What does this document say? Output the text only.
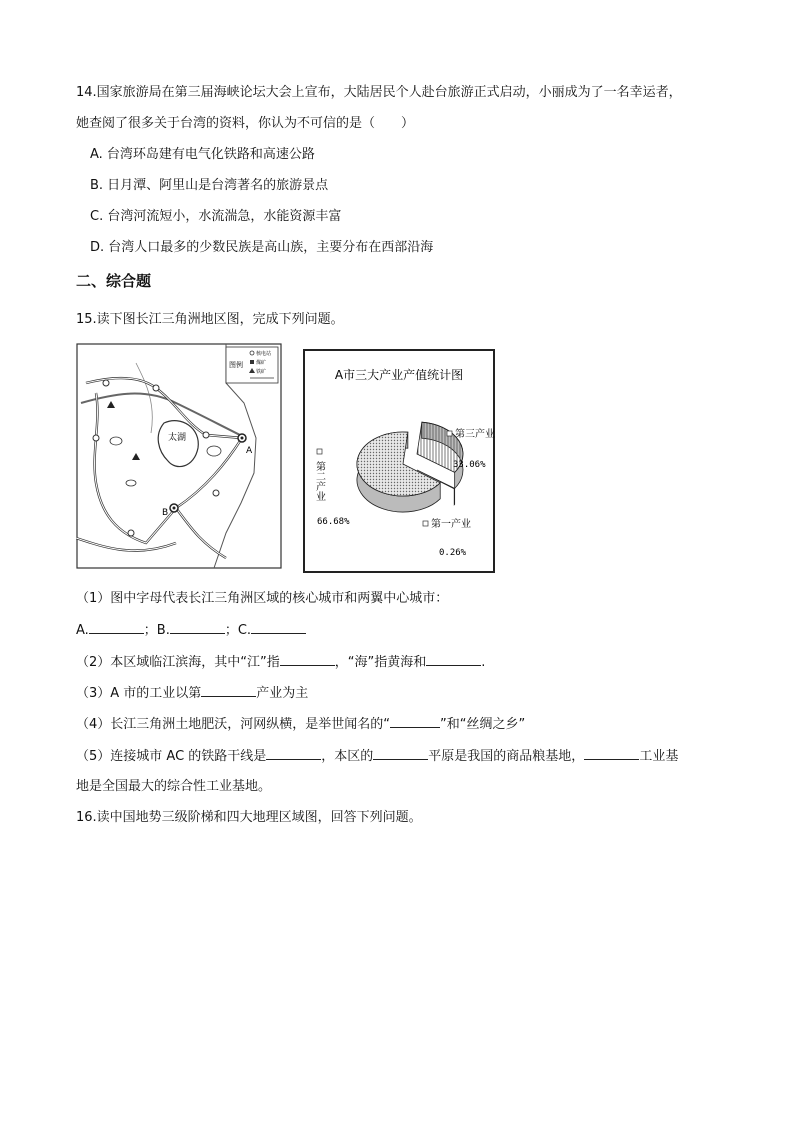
14.国家旅游局在第三届海峡论坛大会上宣布，大陆居民个人赴台旅游正式启动，小丽成为了一名幸运者，
她查阅了很多关于台湾的资料，你认为不可信的是（　　）
A. 台湾环岛建有电气化铁路和高速公路
B. 日月潭、阿里山是台湾著名的旅游景点
C. 台湾河流短小，水流湍急，水能资源丰富
D. 台湾人口最多的少数民族是高山族，主要分布在西部沿海
二、综合题
15.读下图长江三角洲地区图，完成下列问题。
太湖
A
B
图例
核电站
煤矿
铁矿	A市三大产业产值统计图
第二产业
66.68%
第三产业
33.06%
第一产业
0.26%
（1）图中字母代表长江三角洲区域的核心城市和两翼中心城市：
A.	；B.	；C.
（2）本区域临江滨海，其中“江”指	，“海”指黄海和	.
（3）A 市的工业以第	产业为主
（4）长江三角洲土地肥沃，河网纵横，是举世闻名的“	”和“丝绸之乡”
（5）连接城市 AC 的铁路干线是	，本区的	平原是我国的商品粮基地，	工业基
地是全国最大的综合性工业基地。
16.读中国地势三级阶梯和四大地理区域图，回答下列问题。
